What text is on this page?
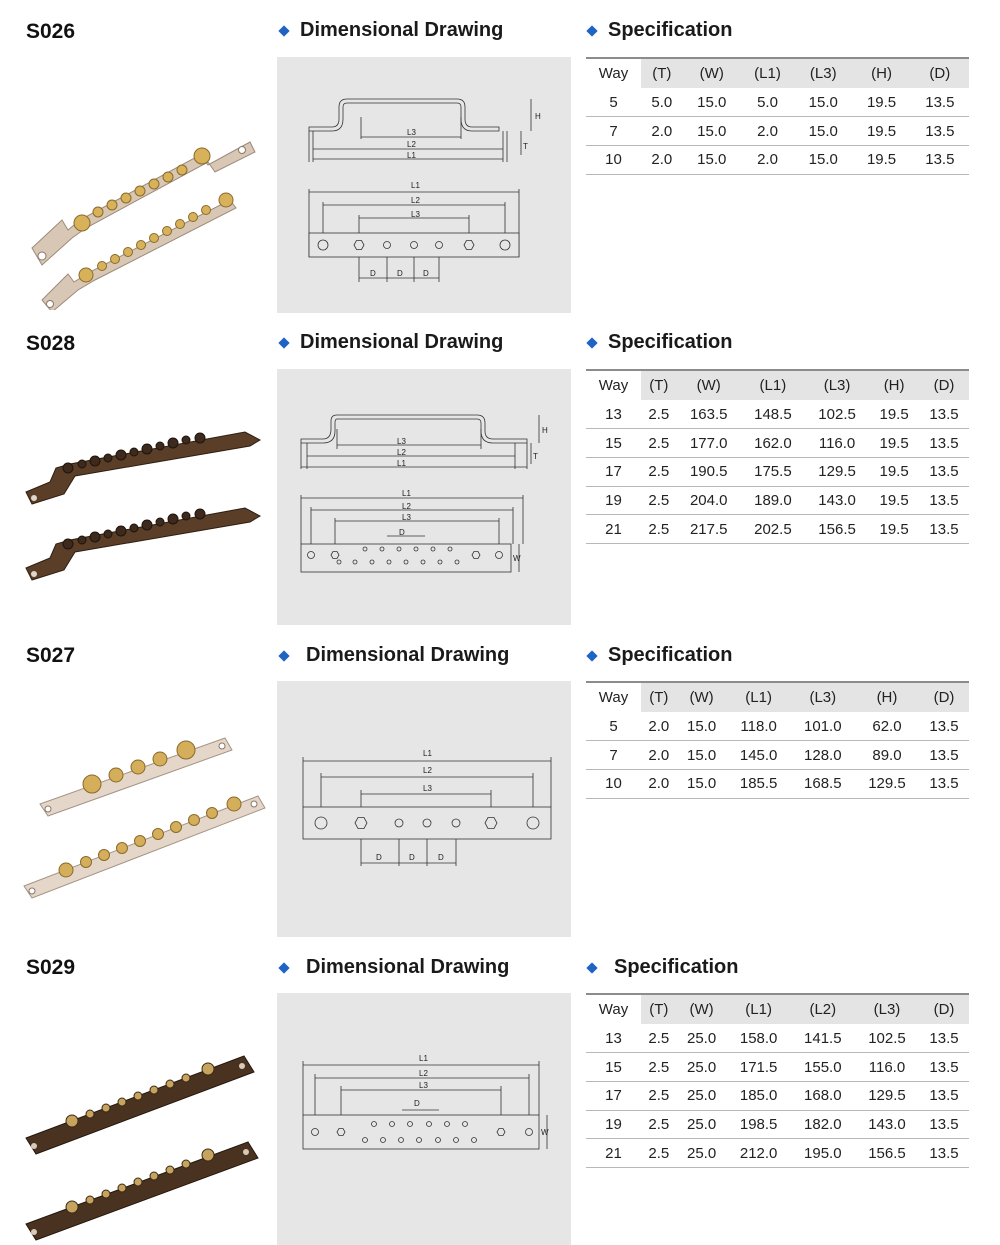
S026	Dimensional Drawing	Specification
L3
L2
L1
H
T
L1
L2
L3
D	D	D
Way	(T)	(W)	(L1)	(L3)	(H)	(D)
5	5.0	15.0	5.0	15.0	19.5	13.5
7	2.0	15.0	2.0	15.0	19.5	13.5
10	2.0	15.0	2.0	15.0	19.5	13.5
S028	Dimensional Drawing	Specification
L3
L2
L1
H
T
L1
L2
L3
D
W
Way	(T)	(W)	(L1)	(L3)	(H)	(D)
13	2.5	163.5	148.5	102.5	19.5	13.5
15	2.5	177.0	162.0	116.0	19.5	13.5
17	2.5	190.5	175.5	129.5	19.5	13.5
19	2.5	204.0	189.0	143.0	19.5	13.5
21	2.5	217.5	202.5	156.5	19.5	13.5
S027	Dimensional Drawing	Specification
L1
L2
L3
D	D	D
Way	(T)	(W)	(L1)	(L3)	(H)	(D)
5	2.0	15.0	118.0	101.0	62.0	13.5
7	2.0	15.0	145.0	128.0	89.0	13.5
10	2.0	15.0	185.5	168.5	129.5	13.5
S029	Dimensional Drawing	Specification
L1
L2
L3
D
W
Way	(T)	(W)	(L1)	(L2)	(L3)	(D)
13	2.5	25.0	158.0	141.5	102.5	13.5
15	2.5	25.0	171.5	155.0	116.0	13.5
17	2.5	25.0	185.0	168.0	129.5	13.5
19	2.5	25.0	198.5	182.0	143.0	13.5
21	2.5	25.0	212.0	195.0	156.5	13.5
